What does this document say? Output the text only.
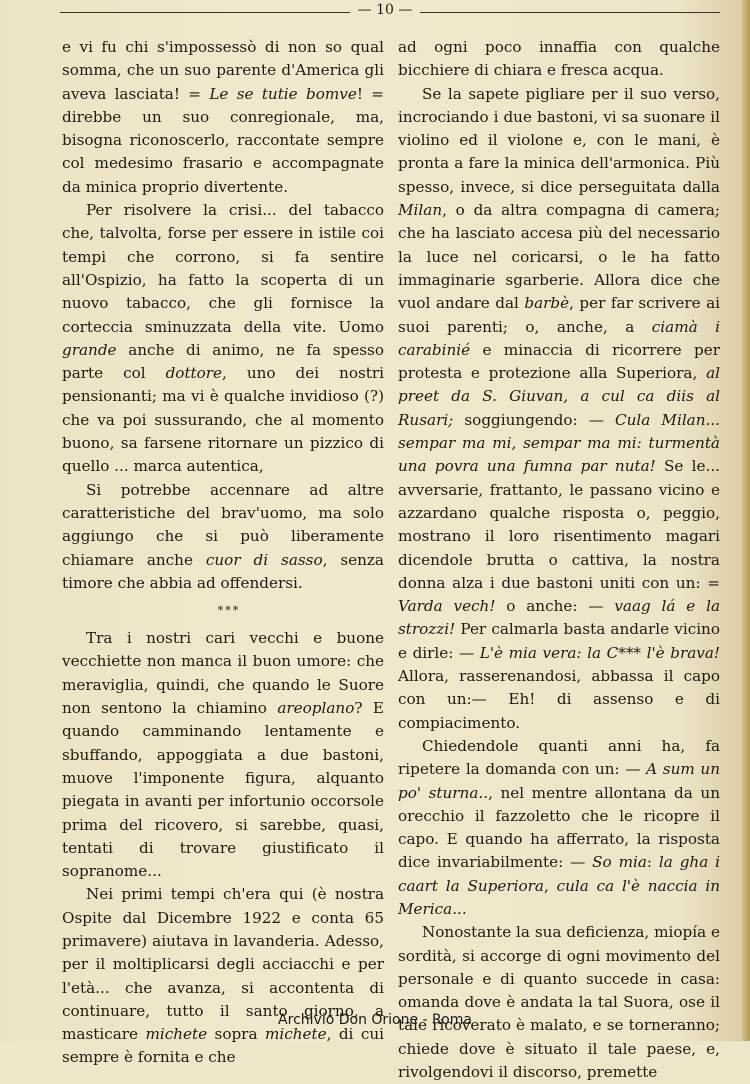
— 10 —

e vi fu chi s'impossessò di non so qual somma, che un suo parente d'America gli aveva lasciata! = Le se tutie bomve! = direbbe un suo conregionale, ma, bisogna riconoscerlo, raccontate sempre col medesimo frasario e accompagnate da minica proprio divertente.

Per risolvere la crisi... del tabacco che, talvolta, forse per essere in istile coi tempi che corrono, si fa sentire all'Ospizio, ha fatto la scoperta di un nuovo tabacco, che gli fornisce la corteccia sminuzzata della vite. Uomo grande anche di animo, ne fa spesso parte col dottore, uno dei nostri pensionanti; ma vi è qualche invidioso (?) che va poi sussurando, che al momento buono, sa farsene ritornare un pizzico di quello ... marca autentica,

Si potrebbe accennare ad altre caratteristiche del brav'uomo, ma solo aggiungo che si può liberamente chiamare anche cuor di sasso, senza timore che abbia ad offendersi.

***

Tra i nostri cari vecchi e buone vecchiette non manca il buon umore: che meraviglia, quindi, che quando le Suore non sentono la chiamino areoplano? E quando camminando lentamente e sbuffando, appoggiata a due bastoni, muove l'imponente figura, alquanto piegata in avanti per infortunio occorsole prima del ricovero, si sarebbe, quasi, tentati di trovare giustificato il sopranome...

Nei primi tempi ch'era qui (è nostra Ospite dal Dicembre 1922 e conta 65 primavere) aiutava in lavanderia. Adesso, per il moltiplicarsi degli acciacchi e per l'età... che avanza, si accontenta di continuare, tutto il santo giorno, a masticare michete sopra michete, di cui sempre è fornita e che

ad ogni poco innaffia con qualche bicchiere di chiara e fresca acqua.

Se la sapete pigliare per il suo verso, incrociando i due bastoni, vi sa suonare il violino ed il violone e, con le mani, è pronta a fare la minica dell'armonica. Più spesso, invece, si dice perseguitata dalla Milan, o da altra compagna di camera; che ha lasciato accesa più del necessario la luce nel coricarsi, o le ha fatto immaginarie sgarberie. Allora dice che vuol andare dal barbè, per far scrivere ai suoi parenti; o, anche, a ciamà i carabinié e minaccia di ricorrere per protesta e protezione alla Superiora, al preet da S. Giuvan, a cul ca diis al Rusari; soggiungendo: — Cula Milan... sempar ma mi, sempar ma mi: turmentà una povra una fumna par nuta! Se le... avversarie, frattanto, le passano vicino e azzardano qualche risposta o, peggio, mostrano il loro risentimento magari dicendole brutta o cattiva, la nostra donna alza i due bastoni uniti con un: = Varda vech! o anche: — vaag lá e la strozzi! Per calmarla basta andarle vicino e dirle: — L'è mia vera: la C*** l'è brava! Allora, rasserenandosi, abbassa il capo con un:— Eh! di assenso e di compiacimento.

Chiedendole quanti anni ha, fa ripetere la domanda con un: — A sum un po' sturna.., nel mentre allontana da un orecchio il fazzoletto che le ricopre il capo. E quando ha afferrato, la risposta dice invariabilmente: — So mia: la gha i caart la Superiora, cula ca l'è naccia in Merica...

Nonostante la sua deficienza, miopía e sordità, si accorge di ogni movimento del personale e di quanto succede in casa: omanda dove è andata la tal Suora, ose il tale ricoverato è malato, e se torneranno; chiede dove è situato il tale paese, e, rivolgendovi il discorso, premette

Archivio Don Orione - Roma
